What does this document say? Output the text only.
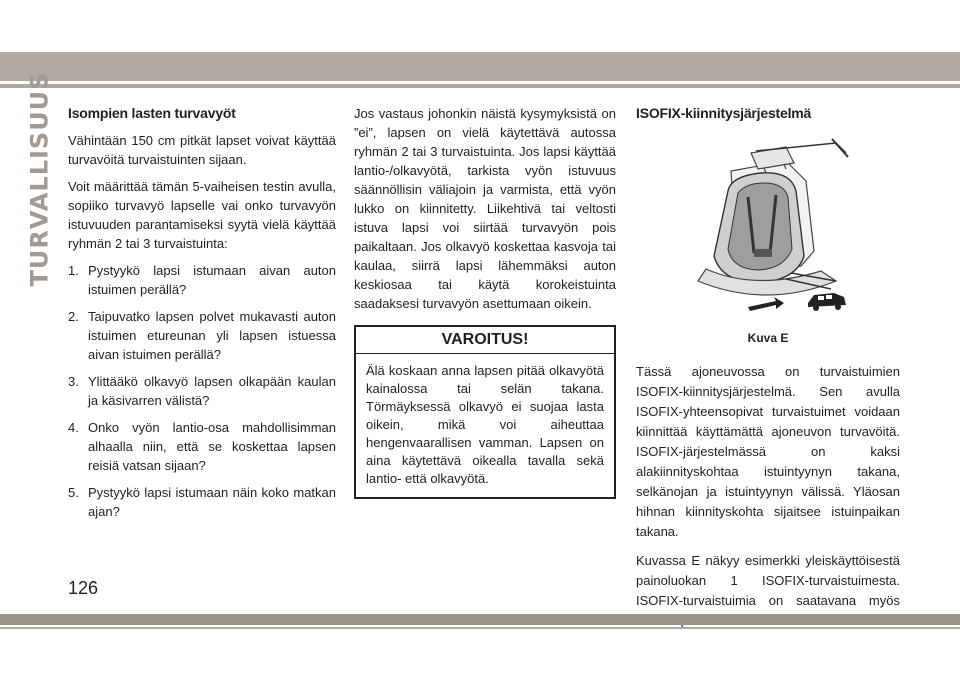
TURVALLISUUS Isompien lasten turvavyöt

Vähintään 150 cm pitkät lapset voivat käyttää turvavöitä turvaistuinten sijaan.

Voit määrittää tämän 5-vaiheisen testin avulla, sopiiko turvavyö lapselle vai onko turvavyön istuvuuden parantamiseksi syytä vielä käyttää ryhmän 2 tai 3 turvaistuinta:

1. Pystyykö lapsi istumaan aivan auton istuimen perällä?
2. Taipuvatko lapsen polvet mukavasti auton istuimen etureunan yli lapsen istuessa aivan istuimen perällä?
3. Ylittääkö olkavyö lapsen olkapään kaulan ja käsivarren välistä?
4. Onko vyön lantio-osa mahdollisimman alhaalla niin, että se koskettaa lapsen reisiä vatsan sijaan?
5. Pystyykö lapsi istumaan näin koko matkan ajan?

Jos vastaus johonkin näistä kysymyksistä on ”ei”, lapsen on vielä käytettävä autossa ryhmän 2 tai 3 turvaistuinta. Jos lapsi käyttää lantio-/olkavyötä, tarkista vyön istuvuus säännöllisin väliajoin ja varmista, että vyön lukko on kiinnitetty. Liikehtivä tai veltosti istuva lapsi voi siirtää turvavyön pois paikaltaan. Jos olkavyö koskettaa kasvoja tai kaulaa, siirrä lapsi lähemmäksi auton keskiosaa tai käytä korokeistuinta saadaksesi turvavyön asettumaan oikein.

VAROITUS!
Älä koskaan anna lapsen pitää olkavyötä kainalossa tai selän takana. Törmäyksessä olkavyö ei suojaa lasta oikein, mikä voi aiheuttaa hengenvaarallisen vamman. Lapsen on aina käytettävä oikealla tavalla sekä lantio- että olkavyötä.
ISOFIX-kiinnitysjärjestelmä
Kuva E

Tässä ajoneuvossa on turvaistuimien ISOFIX-kiinnitysjärjestelmä. Sen avulla ISOFIX-yhteensopivat turvaistuimet voidaan kiinnittää käyttämättä ajoneuvon turvavöitä. ISOFIX-järjestelmässä on kaksi alakiinnityskohtaa istuintyynyn takana, selkänojan ja istuintyynyn välissä. Yläosan hihnan kiinnityskohta sijaitsee istuinpaikan takana.

Kuvassa E näkyy esimerkki yleiskäyttöisestä painoluokan 1 ISOFIX-turvaistuimesta. ISOFIX-turvaistuimia on saatavana myös

126
